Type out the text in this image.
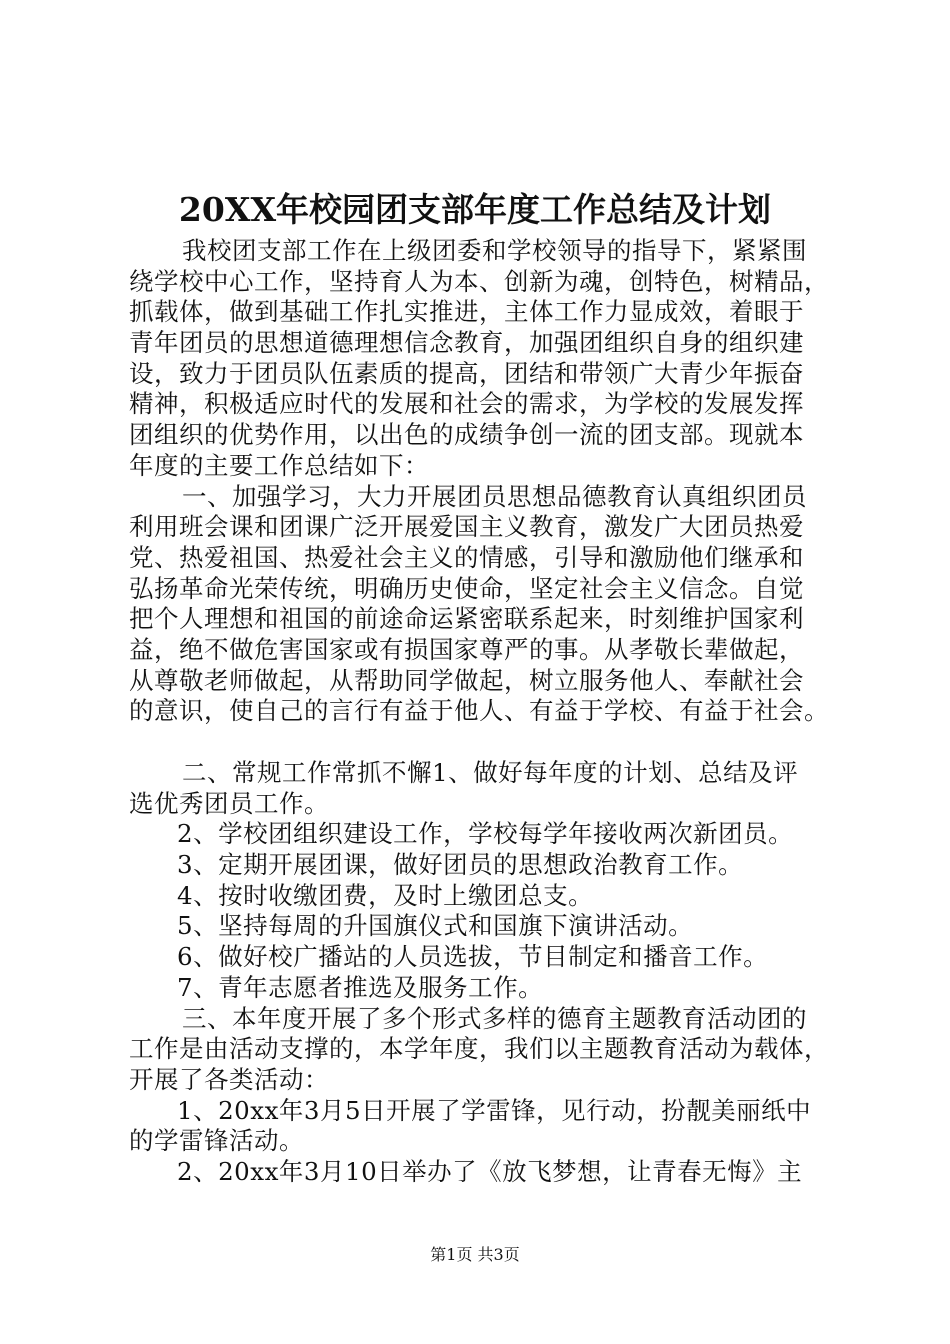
20XX年校园团支部年度工作总结及计划
我校团支部工作在上级团委和学校领导的指导下，紧紧围
绕学校中心工作，坚持育人为本、创新为魂，创特色，树精品，
抓载体，做到基础工作扎实推进，主体工作力显成效，着眼于
青年团员的思想道德理想信念教育，加强团组织自身的组织建
设，致力于团员队伍素质的提高，团结和带领广大青少年振奋
精神，积极适应时代的发展和社会的需求，为学校的发展发挥
团组织的优势作用，以出色的成绩争创一流的团支部。现就本
年度的主要工作总结如下：
一、加强学习，大力开展团员思想品德教育认真组织团员
利用班会课和团课广泛开展爱国主义教育，激发广大团员热爱
党、热爱祖国、热爱社会主义的情感，引导和激励他们继承和
弘扬革命光荣传统，明确历史使命，坚定社会主义信念。自觉
把个人理想和祖国的前途命运紧密联系起来，时刻维护国家利
益，绝不做危害国家或有损国家尊严的事。从孝敬长辈做起，
从尊敬老师做起，从帮助同学做起，树立服务他人、奉献社会
的意识，使自己的言行有益于他人、有益于学校、有益于社会。
二、常规工作常抓不懈1、做好每年度的计划、总结及评
选优秀团员工作。
2、学校团组织建设工作，学校每学年接收两次新团员。
3、定期开展团课，做好团员的思想政治教育工作。
4、按时收缴团费，及时上缴团总支。
5、坚持每周的升国旗仪式和国旗下演讲活动。
6、做好校广播站的人员选拔，节目制定和播音工作。
7、青年志愿者推选及服务工作。
三、本年度开展了多个形式多样的德育主题教育活动团的
工作是由活动支撑的，本学年度，我们以主题教育活动为载体，
开展了各类活动：
1、20xx年3月5日开展了学雷锋，见行动，扮靓美丽纸中
的学雷锋活动。
2、20xx年3月10日举办了《放飞梦想，让青春无悔》主
第1页 共3页
